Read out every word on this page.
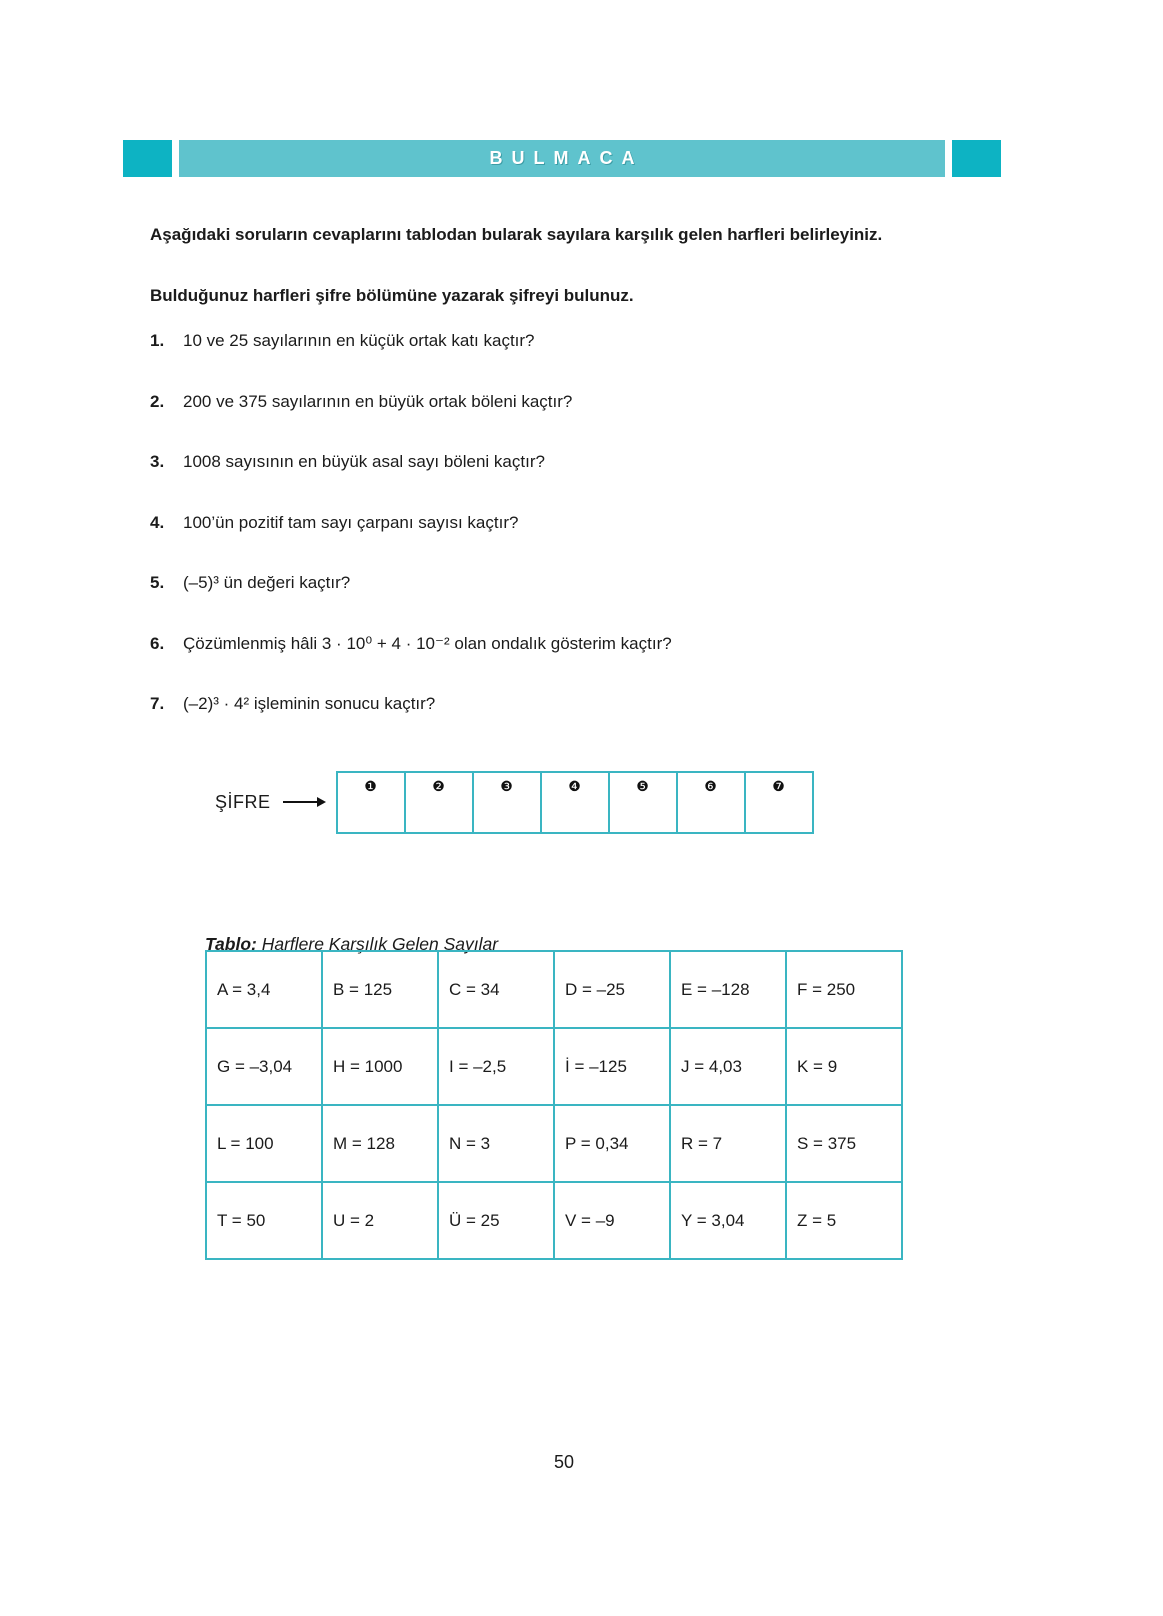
BULMACA

Aşağıdaki soruların cevaplarını tablodan bularak sayılara karşılık gelen harfleri belirleyiniz.

Bulduğunuz harfleri şifre bölümüne yazarak şifreyi bulunuz.

1.	10 ve 25 sayılarının en küçük ortak katı kaçtır?
2.	200 ve 375 sayılarının en büyük ortak böleni kaçtır?
3.	1008 sayısının en büyük asal sayı böleni kaçtır?
4.	100’ün pozitif tam sayı çarpanı sayısı kaçtır?
5.	(–5)³ ün değeri kaçtır?
6.	Çözümlenmiş hâli 3 · 10⁰ + 4 · 10⁻² olan ondalık gösterim kaçtır?
7.	(–2)³ · 4² işleminin sonucu kaçtır?
ŞİFRE
❶	❷	❸	❹	❺	❻	❼

Tablo: Harflere Karşılık Gelen Sayılar

A = 3,4	B = 125	C = 34	D = –25	E = –128	F = 250
G = –3,04	H = 1000	I = –2,5	İ = –125	J = 4,03	K = 9
L = 100	M = 128	N = 3	P = 0,34	R = 7	S = 375
T = 50	U = 2	Ü = 25	V = –9	Y = 3,04	Z = 5
50
